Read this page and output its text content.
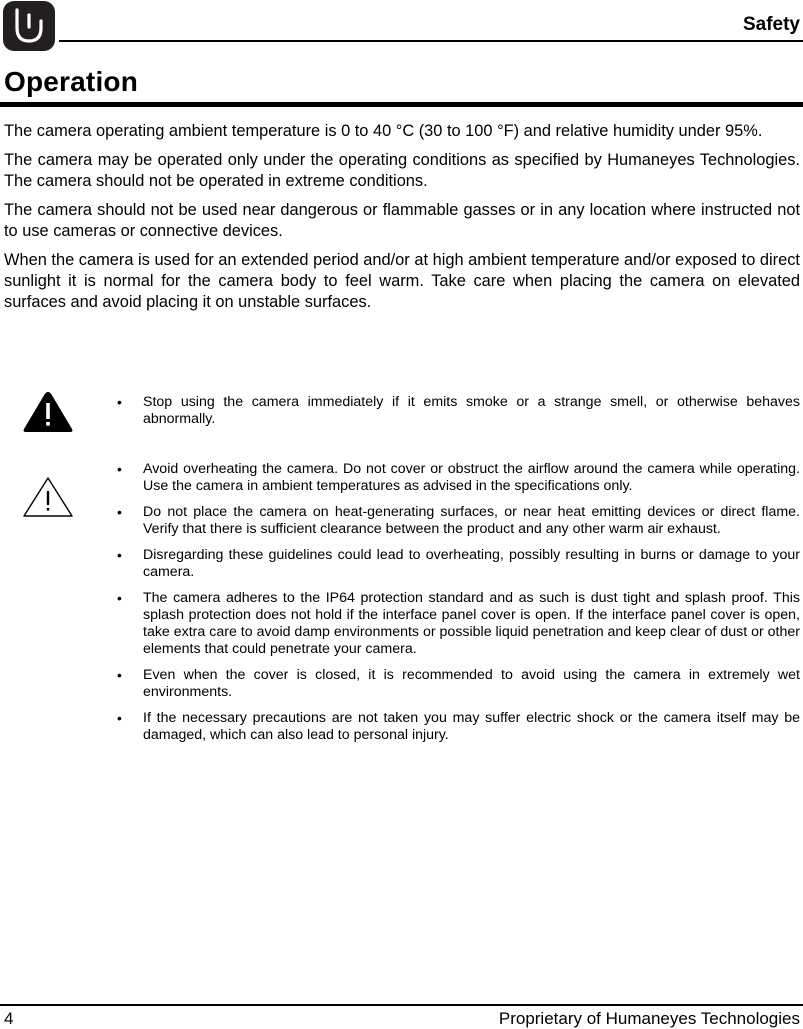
Safety
Operation

The camera operating ambient temperature is 0 to 40 °C (30 to 100 °F) and relative humidity under 95%.

The camera may be operated only under the operating conditions as specified by Humaneyes Technologies. The camera should not be operated in extreme conditions.

The camera should not be used near dangerous or flammable gasses or in any location where instructed not to use cameras or connective devices.

When the camera is used for an extended period and/or at high ambient temperature and/or exposed to direct sunlight it is normal for the camera body to feel warm. Take care when placing the camera on elevated surfaces and avoid placing it on unstable surfaces.

• Stop using the camera immediately if it emits smoke or a strange smell, or otherwise behaves abnormally.
• Avoid overheating the camera. Do not cover or obstruct the airflow around the camera while operating. Use the camera in ambient temperatures as advised in the specifications only.
• Do not place the camera on heat-generating surfaces, or near heat emitting devices or direct flame. Verify that there is sufficient clearance between the product and any other warm air exhaust.
• Disregarding these guidelines could lead to overheating, possibly resulting in burns or damage to your camera.
• The camera adheres to the IP64 protection standard and as such is dust tight and splash proof. This splash protection does not hold if the interface panel cover is open. If the interface panel cover is open, take extra care to avoid damp environments or possible liquid penetration and keep clear of dust or other elements that could penetrate your camera.
• Even when the cover is closed, it is recommended to avoid using the camera in extremely wet environments.
• If the necessary precautions are not taken you may suffer electric shock or the camera itself may be damaged, which can also lead to personal injury.
4	Proprietary of Humaneyes Technologies
